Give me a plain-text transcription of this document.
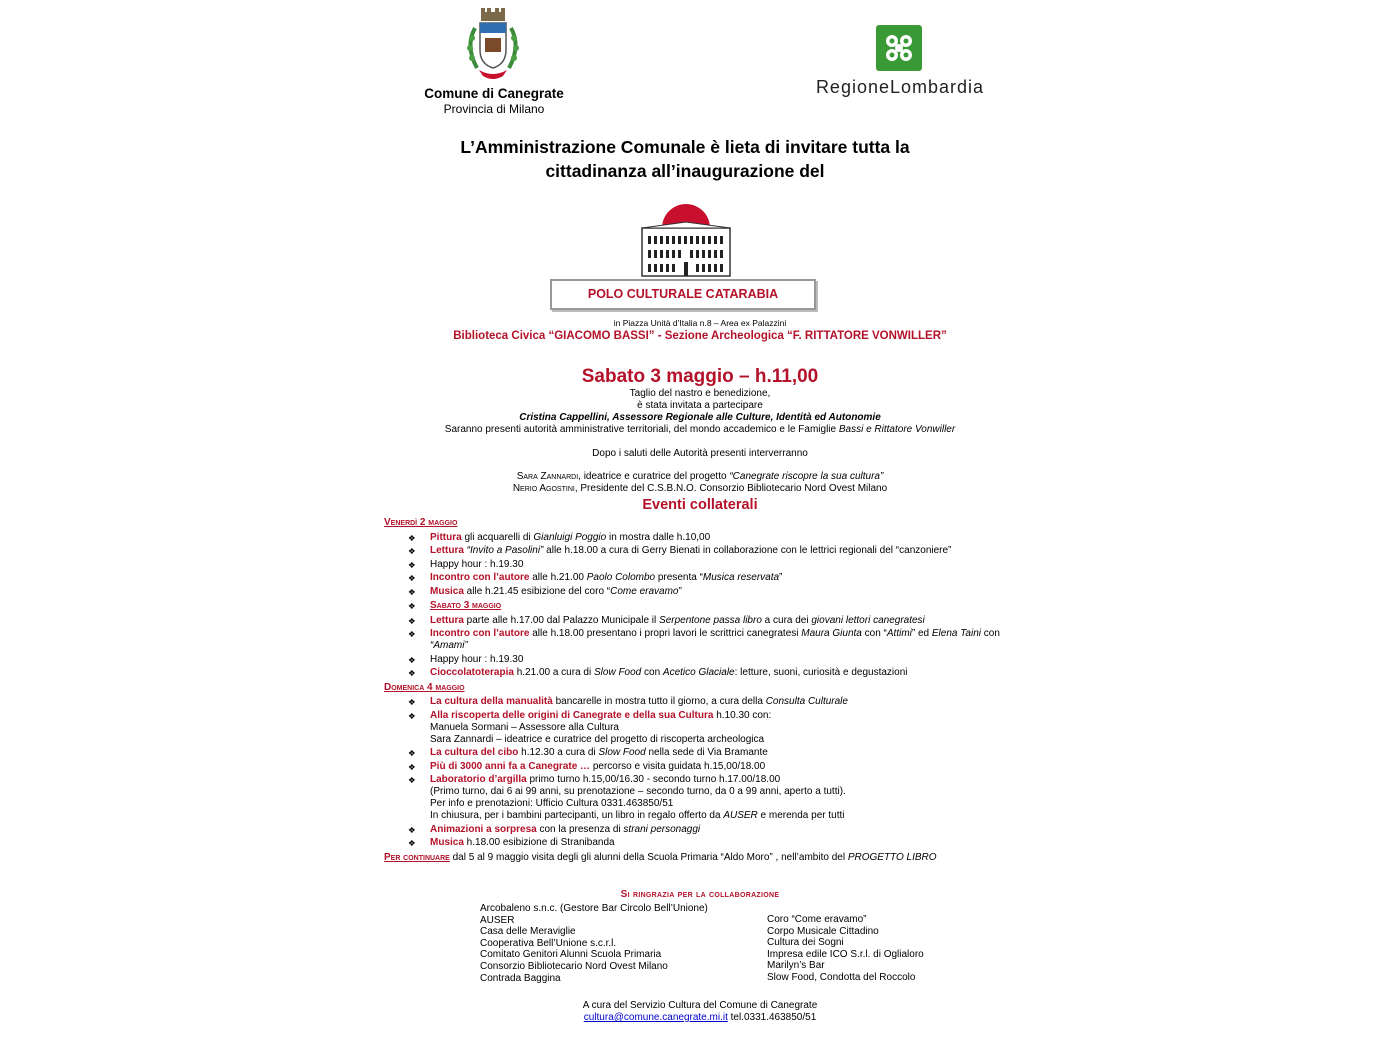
Comune di Canegrate
Provincia di Milano
RegioneLombardia
L’Amministrazione Comunale è lieta di invitare tutta la
cittadinanza all’inaugurazione del
POLO CULTURALE CATARABIA
in Piazza Unità d’Italia n.8 – Area ex Palazzini
Biblioteca Civica “GIACOMO BASSI” - Sezione Archeologica “F. RITTATORE VONWILLER”
Sabato 3 maggio – h.11,00
Taglio del nastro e benedizione,
è stata invitata a partecipare
Cristina Cappellini, Assessore Regionale alle Culture, Identità ed Autonomie
Saranno presenti autorità amministrative territoriali, del mondo accademico e le Famiglie Bassi e Rittatore Vonwiller
Dopo i saluti delle Autorità presenti interverranno
Sara Zannardi, ideatrice e curatrice del progetto “Canegrate riscopre la sua cultura”
Nerio Agostini, Presidente del C.S.B.N.O. Consorzio Bibliotecario Nord Ovest Milano
Eventi collaterali
Venerdì 2 maggio
❖ Pittura gli acquarelli di Gianluigi Poggio in mostra dalle h.10,00
❖ Lettura “Invito a Pasolini” alle h.18.00 a cura di Gerry Bienati in collaborazione con le lettrici regionali del “canzoniere”
❖ Happy hour : h.19.30
❖ Incontro con l’autore alle h.21.00 Paolo Colombo presenta “Musica reservata”
❖ Musica alle h.21.45 esibizione del coro “Come eravamo”
❖ Sabato 3 maggio
❖ Lettura parte alle h.17.00 dal Palazzo Municipale il Serpentone passa libro a cura dei giovani lettori canegratesi
❖ Incontro con l’autore alle h.18.00 presentano i propri lavori le scrittrici canegratesi Maura Giunta con “Attimi” ed Elena Taini con “Amami”
❖ Happy hour : h.19.30
❖ Cioccolatoterapia h.21.00 a cura di Slow Food con Acetico Glaciale: letture, suoni, curiosità e degustazioni
Domenica 4 maggio
❖ La cultura della manualità bancarelle in mostra tutto il giorno, a cura della Consulta Culturale
❖ Alla riscoperta delle origini di Canegrate e della sua Cultura h.10.30 con:
Manuela Sormani – Assessore alla Cultura
Sara Zannardi – ideatrice e curatrice del progetto di riscoperta archeologica
❖ La cultura del cibo h.12.30 a cura di Slow Food nella sede di Via Bramante
❖ Più di 3000 anni fa a Canegrate … percorso e visita guidata h.15,00/18.00
❖ Laboratorio d’argilla primo turno h.15,00/16.30 - secondo turno h.17.00/18.00
(Primo turno, dai 6 ai 99 anni, su prenotazione – secondo turno, da 0 a 99 anni, aperto a tutti).
Per info e prenotazioni: Ufficio Cultura 0331.463850/51
In chiusura, per i bambini partecipanti, un libro in regalo offerto da AUSER e merenda per tutti
❖ Animazioni a sorpresa con la presenza di strani personaggi
❖ Musica h.18.00 esibizione di Stranibanda
Per continuare dal 5 al 9 maggio visita degli gli alunni della Scuola Primaria “Aldo Moro” , nell’ambito del PROGETTO LIBRO
Si ringrazia per la collaborazione
Arcobaleno s.n.c. (Gestore Bar Circolo Bell’Unione)
AUSER
Casa delle Meraviglie
Cooperativa Bell’Unione s.c.r.l.
Comitato Genitori Alunni Scuola Primaria
Consorzio Bibliotecario Nord Ovest Milano
Contrada Baggina
Coro “Come eravamo”
Corpo Musicale Cittadino
Cultura dei Sogni
Impresa edile ICO S.r.l. di Oglialoro
Marilyn’s Bar
Slow Food, Condotta del Roccolo
A cura del Servizio Cultura del Comune di Canegrate
cultura@comune.canegrate.mi.it tel.0331.463850/51
